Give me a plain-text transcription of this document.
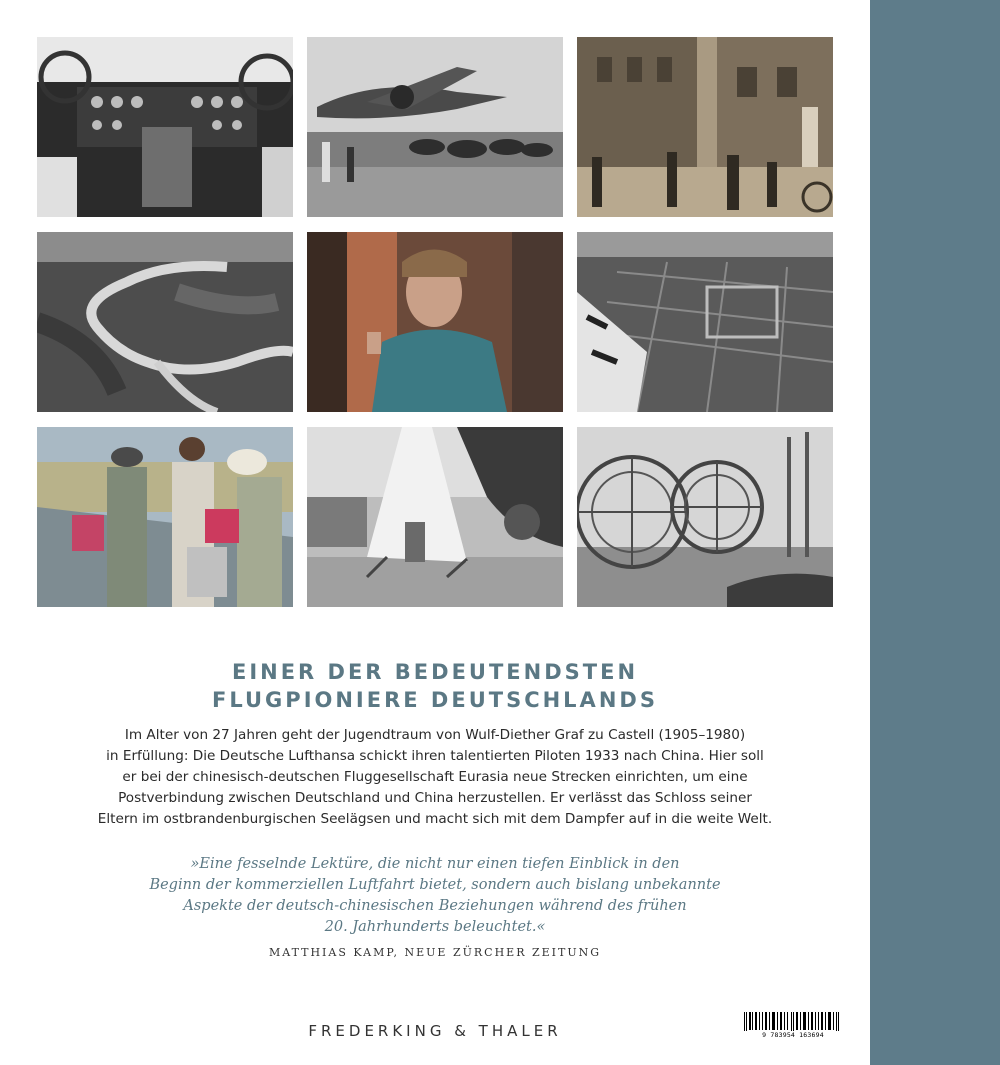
EINER DER BEDEUTENDSTEN
FLUGPIONIERE DEUTSCHLANDS
Im Alter von 27 Jahren geht der Jugendtraum von Wulf-Diether Graf zu Castell (1905–1980)
in Erfüllung: Die Deutsche Lufthansa schickt ihren talentierten Piloten 1933 nach China. Hier soll
er bei der chinesisch-deutschen Fluggesellschaft Eurasia neue Strecken einrichten, um eine
Postverbindung zwischen Deutschland und China herzustellen. Er verlässt das Schloss seiner
Eltern im ostbrandenburgischen Seelägsen und macht sich mit dem Dampfer auf in die weite Welt.
»Eine fesselnde Lektüre, die nicht nur einen tiefen Einblick in den
Beginn der kommerziellen Luftfahrt bietet, sondern auch bislang unbekannte
Aspekte der deutsch-chinesischen Beziehungen während des frühen
20. Jahrhunderts beleuchtet.«
MATTHIAS KAMP, NEUE ZÜRCHER ZEITUNG
FREDERKING & THALER	9 783954 163694
